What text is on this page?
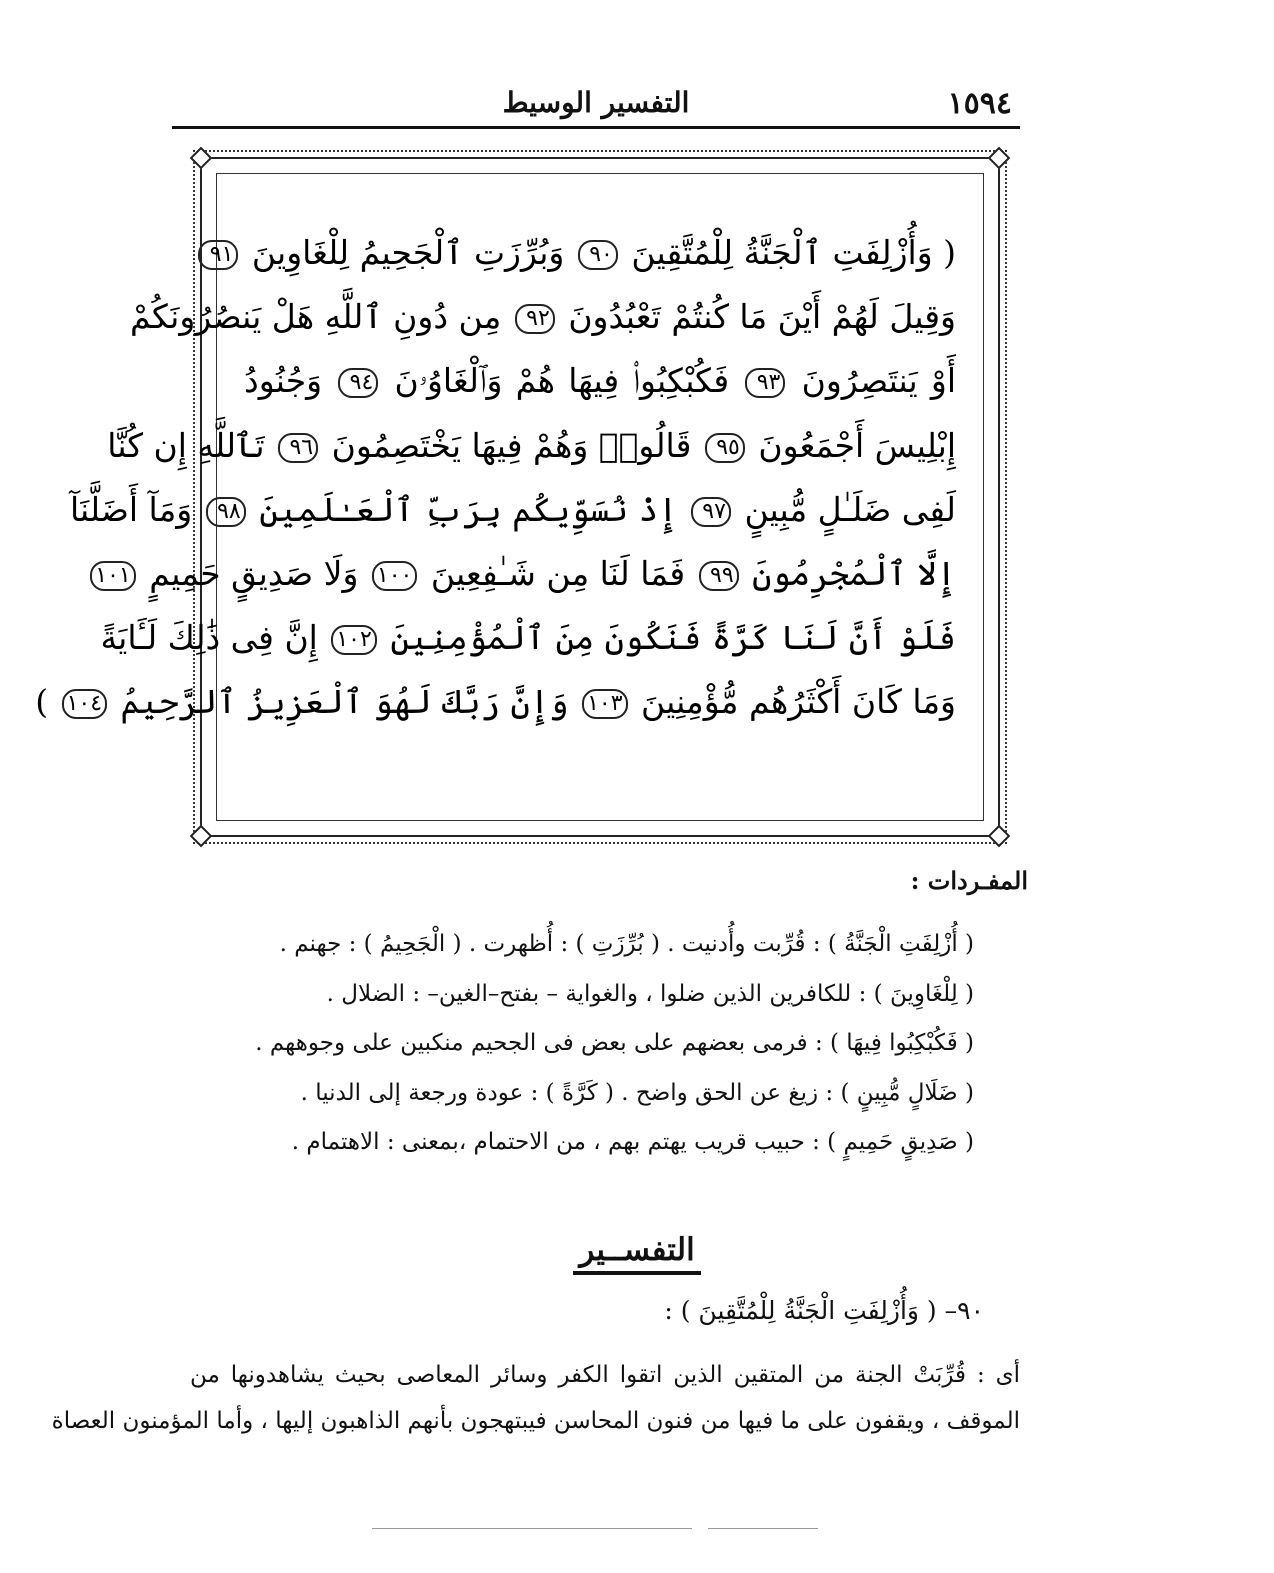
١٥٩٤
التفسير الوسيط
( وَأُزْلِفَتِ ٱلْجَنَّةُ لِلْمُتَّقِينَ ٩٠ وَبُرِّزَتِ ٱلْجَحِيمُ لِلْغَاوِينَ ٩١
وَقِيلَ لَهُمْ أَيْنَ مَا كُنتُمْ تَعْبُدُونَ ٩٢ مِن دُونِ ٱللَّهِ هَلْ يَنصُرُونَكُمْ
أَوْ يَنتَصِرُونَ ٩٣ فَكُبْكِبُوا۟ فِيهَا هُمْ وَٱلْغَاوُۥنَ ٩٤ وَجُنُودُ
إِبْلِيسَ أَجْمَعُونَ ٩٥ قَالُوا۟ وَهُمْ فِيهَا يَخْتَصِمُونَ ٩٦ تَٱللَّهِ إِن كُنَّا
لَفِى ضَلَـٰلٍ مُّبِينٍ ٩٧ إِذْ نُسَوِّيكُم بِرَبِّ ٱلْعَـٰلَمِينَ ٩٨ وَمَآ أَضَلَّنَآ
إِلَّا ٱلْمُجْرِمُونَ ٩٩ فَمَا لَنَا مِن شَـٰفِعِينَ ١٠٠ وَلَا صَدِيقٍ حَمِيمٍ ١٠١
فَلَوْ أَنَّ لَنَا كَرَّةً فَنَكُونَ مِنَ ٱلْمُؤْمِنِينَ ١٠٢ إِنَّ فِى ذَٰلِكَ لَـَٔايَةً
وَمَا كَانَ أَكْثَرُهُم مُّؤْمِنِينَ ١٠٣ وَإِنَّ رَبَّكَ لَهُوَ ٱلْعَزِيزُ ٱلرَّحِيمُ ١٠٤ )
المفـردات :
( أُزْلِفَتِ الْجَنَّةُ ) : قُرِّبت وأُدنيت . ( بُرِّزَتِ ) : أُظهرت . ( الْجَحِيمُ ) : جهنم .
( لِلْغَاوِينَ ) : للكافرين الذين ضلوا ، والغواية – بفتح–الغين– : الضلال .
( فَكُبْكِبُوا فِيهَا ) : فرمى بعضهم على بعض فى الجحيم منكبين على وجوههم .
( ضَلَالٍ مُّبِينٍ ) : زيغ عن الحق واضح . ( كَرَّةً ) : عودة ورجعة إلى الدنيا .
( صَدِيقٍ حَمِيمٍ ) : حبيب قريب يهتم بهم ، من الاحتمام ،بمعنى : الاهتمام .
التفســير
٩٠– ( وَأُزْلِفَتِ الْجَنَّةُ لِلْمُتَّقِينَ ) :
أى : قُرِّبَتْ الجنة من المتقين الذين اتقوا الكفر وسائر المعاصى بحيث يشاهدونها من
الموقف ، ويقفون على ما فيها من فنون المحاسن فيبتهجون بأنهم الذاهبون إليها ، وأما المؤمنون العصاة
